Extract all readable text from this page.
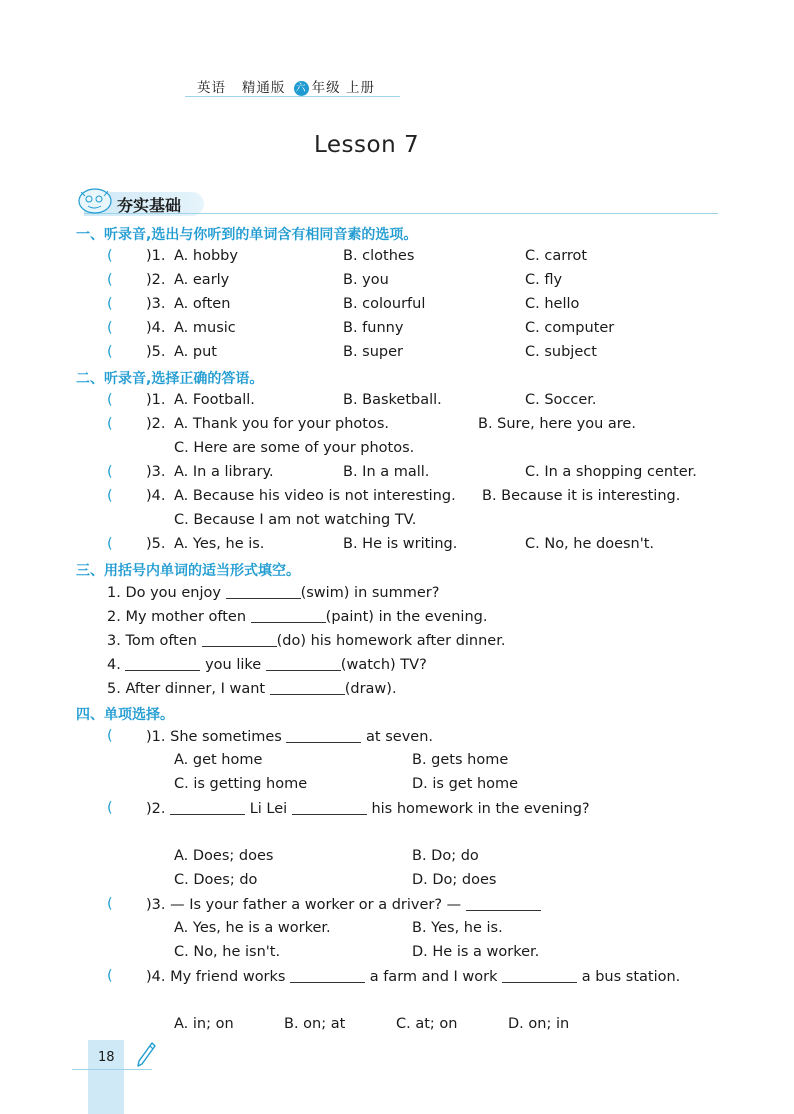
英语 精通版 六 年级 上册
Lesson 7
夯实基础
一、听录音,选出与你听到的单词含有相同音素的选项。
( )1. A. hobby	B. clothes	C. carrot
( )2. A. early	B. you	C. fly
( )3. A. often	B. colourful	C. hello
( )4. A. music	B. funny	C. computer
( )5. A. put	B. super	C. subject
二、听录音,选择正确的答语。
( )1. A. Football.	B. Basketball.	C. Soccer.
( )2. A. Thank you for your photos.	B. Sure, here you are.
C. Here are some of your photos.
( )3. A. In a library.	B. In a mall.	C. In a shopping center.
( )4. A. Because his video is not interesting. B. Because it is interesting.
C. Because I am not watching TV.
( )5. A. Yes, he is.	B. He is writing.	C. No, he doesn't.
三、用括号内单词的适当形式填空。
1. Do you enjoy	(swim) in summer?
2. My mother often	(paint) in the evening.
3. Tom often	(do) his homework after dinner.
4.	you like	(watch) TV?
5. After dinner, I want	(draw).
四、单项选择。
( )1. She sometimes	at seven.
A. get home	B. gets home
C. is getting home	D. is get home
( )2.	Li Lei	his homework in the evening?
A. Does; does	B. Do; do
C. Does; do	D. Do; does
( )3. — Is your father a worker or a driver? —
A. Yes, he is a worker.	B. Yes, he is.
C. No, he isn't.	D. He is a worker.
( )4. My friend works	a farm and I work	a bus station.
A. in; on	B. on; at	C. at; on	D. on; in
18
